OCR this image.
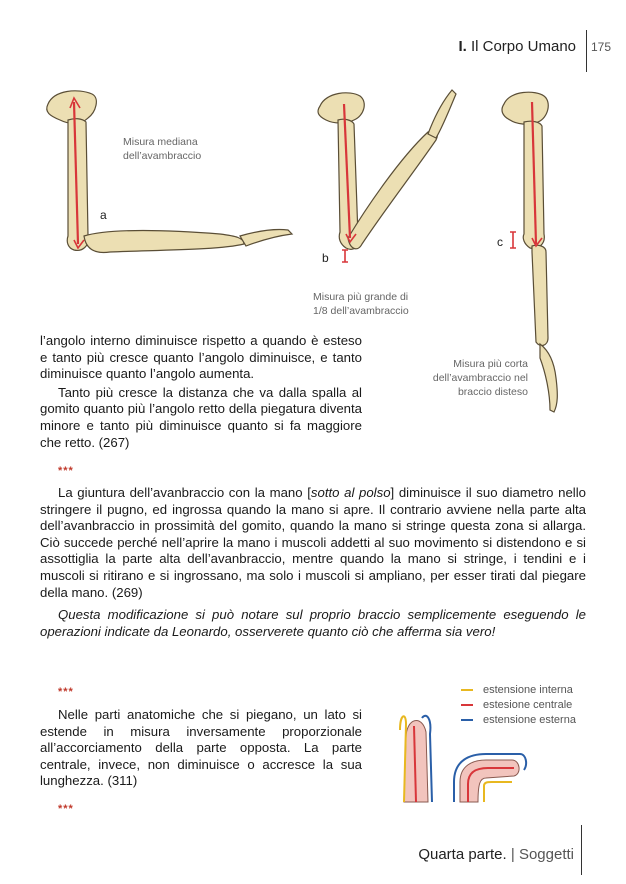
I. Il Corpo Umano 175
Misura mediana dell’avambraccio
a
b
Misura più grande di 1/8 dell’avambraccio
c
Misura più corta dell’avambraccio nel braccio disteso
l’angolo interno diminuisce rispetto a quando è esteso e tanto più cresce quanto l’angolo diminuisce, e tanto diminuisce quanto l’angolo aumenta.
Tanto più cresce la distanza che va dalla spalla al gomito quanto più l’angolo retto della piegatura diventa minore e tanto più diminuisce quanto si fa maggiore che retto. (267)
***
La giuntura dell’avanbraccio con la mano [sotto al polso] diminuisce il suo diametro nello stringere il pugno, ed ingrossa quando la mano si apre. Il contrario avviene nella parte alta dell’avanbraccio in prossimità del gomito, quando la mano si stringe questa zona si allarga. Ciò succede perché nell’aprire la mano i muscoli addetti al suo movimento si distendono e si assottiglia la parte alta dell’avanbraccio, mentre quando la mano si stringe, i tendini e i muscoli si ritirano e si ingrossano, ma solo i muscoli si ampliano, per esser tirati dal piegare della mano. (269)
Questa modificazione si può notare sul proprio braccio semplicemente eseguendo le operazioni indicate da Leonardo, osserverete quanto ciò che afferma sia vero!
***
Nelle parti anatomiche che si piegano, un lato si estende in misura inversamente proporzionale all’accorciamento della parte opposta. La parte centrale, invece, non diminuisce o accresce la sua lunghezza. (311)
***
estensione interna
estesione centrale
estensione esterna
Quarta parte. | Soggetti
